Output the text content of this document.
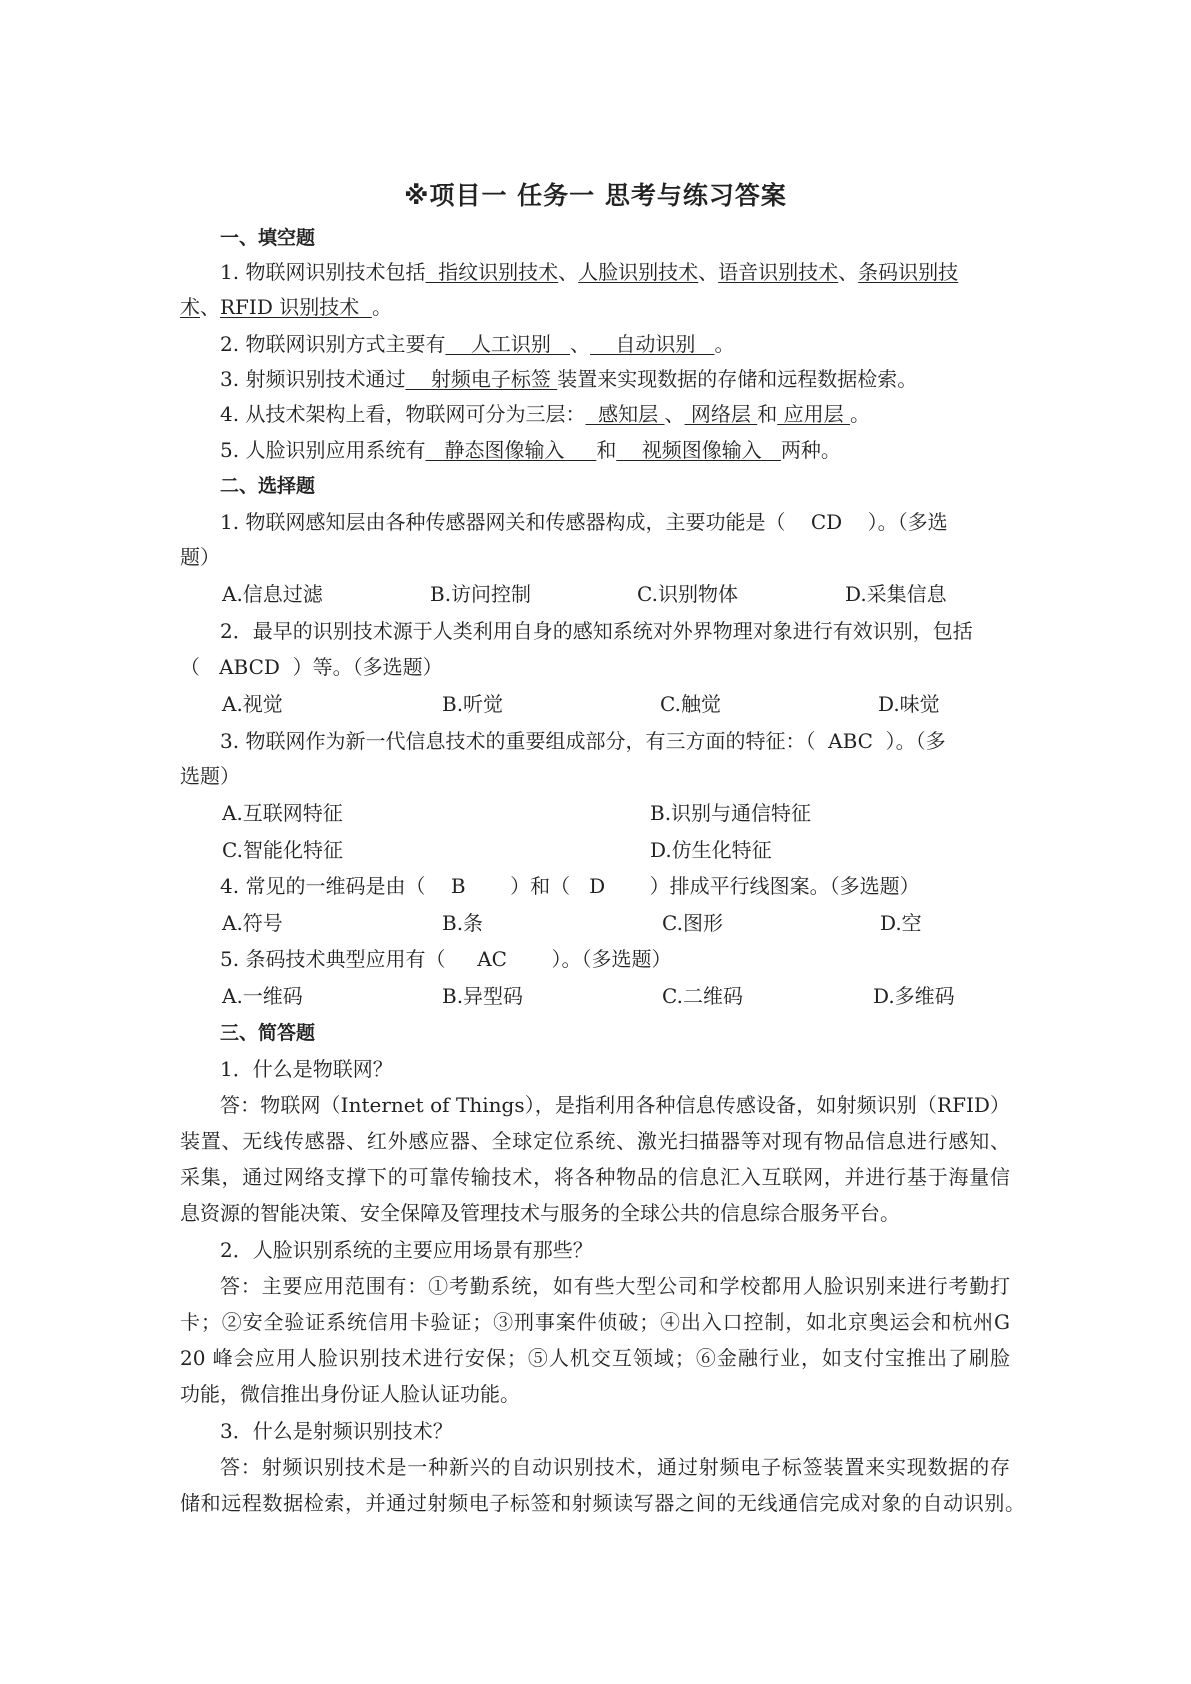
※项目一 任务一 思考与练习答案
一、填空题
1. 物联网识别技术包括  指纹识别技术、人脸识别技术、语音识别技术、条码识别技
术、RFID 识别技术  。
2. 物联网识别方式主要有    人工识别   、    自动识别   。
3. 射频识别技术通过    射频电子标签 装置来实现数据的存储和远程数据检索。
4. 从技术架构上看，物联网可分为三层：  感知层 、 网络层 和 应用层 。
5. 人脸识别应用系统有   静态图像输入     和    视频图像输入   两种。
二、选择题
1. 物联网感知层由各种传感器网关和传感器构成，主要功能是（    CD    ）。（多选
题）
A.信息过滤	B.访问控制	C.识别物体	D.采集信息
2．最早的识别技术源于人类利用自身的感知系统对外界物理对象进行有效识别，包括
（   ABCD  ）等。（多选题）
A.视觉	B.听觉	C.触觉	D.味觉
3. 物联网作为新一代信息技术的重要组成部分，有三方面的特征：（  ABC  ）。（多
选题）
A.互联网特征	B.识别与通信特征
C.智能化特征	D.仿生化特征
4. 常见的一维码是由（    B       ）和（   D       ）排成平行线图案。（多选题）
A.符号	B.条	C.图形	D.空
5. 条码技术典型应用有（     AC       ）。（多选题）
A.一维码	B.异型码	C.二维码	D.多维码
三、简答题
1．什么是物联网？
答：物联网（Internet of Things），是指利用各种信息传感设备，如射频识别（RFID）
装置、无线传感器、红外感应器、全球定位系统、激光扫描器等对现有物品信息进行感知、
采集，通过网络支撑下的可靠传输技术，将各种物品的信息汇入互联网，并进行基于海量信
息资源的智能决策、安全保障及管理技术与服务的全球公共的信息综合服务平台。
2．人脸识别系统的主要应用场景有那些？
答：主要应用范围有：①考勤系统，如有些大型公司和学校都用人脸识别来进行考勤打
卡；②安全验证系统信用卡验证；③刑事案件侦破；④出入口控制，如北京奥运会和杭州G
20 峰会应用人脸识别技术进行安保；⑤人机交互领域；⑥金融行业，如支付宝推出了刷脸
功能，微信推出身份证人脸认证功能。
3．什么是射频识别技术？
答：射频识别技术是一种新兴的自动识别技术，通过射频电子标签装置来实现数据的存
储和远程数据检索，并通过射频电子标签和射频读写器之间的无线通信完成对象的自动识别。
